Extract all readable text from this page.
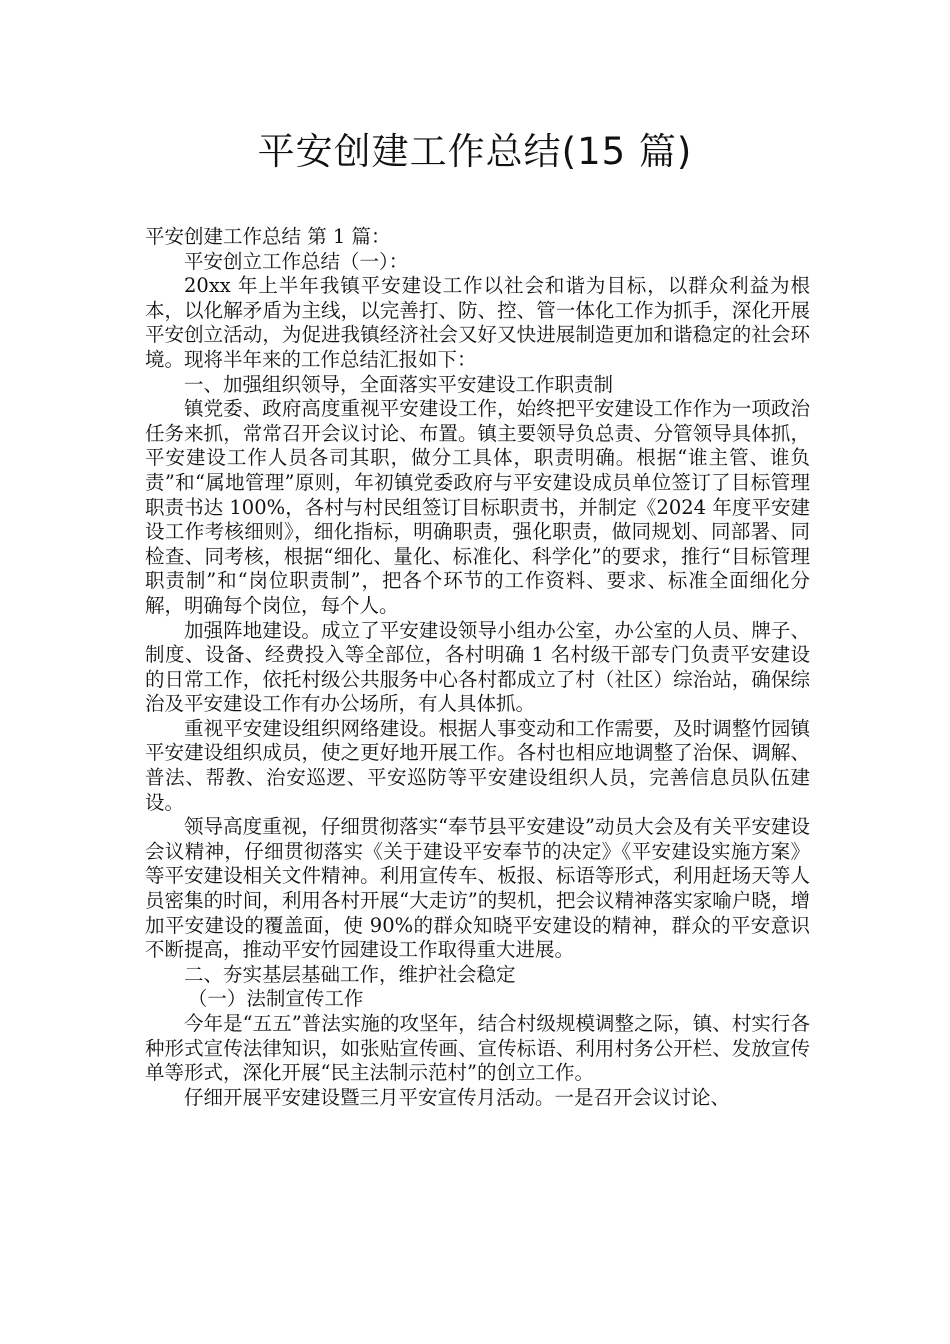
平安创建工作总结(15 篇)

平安创建工作总结 第 1 篇：

平安创立工作总结（一）：

20xx 年上半年我镇平安建设工作以社会和谐为目标，以群众利益为根本，以化解矛盾为主线，以完善打、防、控、管一体化工作为抓手，深化开展平安创立活动，为促进我镇经济社会又好又快进展制造更加和谐稳定的社会环境。现将半年来的工作总结汇报如下：

一、加强组织领导，全面落实平安建设工作职责制

镇党委、政府高度重视平安建设工作，始终把平安建设工作作为一项政治任务来抓，常常召开会议讨论、布置。镇主要领导负总责、分管领导具体抓，平安建设工作人员各司其职，做分工具体，职责明确。根据“谁主管、谁负责”和“属地管理”原则，年初镇党委政府与平安建设成员单位签订了目标管理职责书达 100%，各村与村民组签订目标职责书，并制定《2024 年度平安建设工作考核细则》，细化指标，明确职责，强化职责，做同规划、同部署、同检查、同考核，根据“细化、量化、标准化、科学化”的要求，推行“目标管理职责制”和“岗位职责制”，把各个环节的工作资料、要求、标准全面细化分解，明确每个岗位，每个人。

加强阵地建设。成立了平安建设领导小组办公室，办公室的人员、牌子、制度、设备、经费投入等全部位，各村明确 1 名村级干部专门负责平安建设的日常工作，依托村级公共服务中心各村都成立了村（社区）综治站，确保综治及平安建设工作有办公场所，有人具体抓。

重视平安建设组织网络建设。根据人事变动和工作需要，及时调整竹园镇平安建设组织成员，使之更好地开展工作。各村也相应地调整了治保、调解、普法、帮教、治安巡逻、平安巡防等平安建设组织人员，完善信息员队伍建设。

领导高度重视，仔细贯彻落实“奉节县平安建设”动员大会及有关平安建设会议精神，仔细贯彻落实《关于建设平安奉节的决定》《平安建设实施方案》等平安建设相关文件精神。利用宣传车、板报、标语等形式，利用赶场天等人员密集的时间，利用各村开展“大走访”的契机，把会议精神落实家喻户晓，增加平安建设的覆盖面，使 90%的群众知晓平安建设的精神，群众的平安意识不断提高，推动平安竹园建设工作取得重大进展。

二、夯实基层基础工作，维护社会稳定

（一）法制宣传工作

今年是“五五”普法实施的攻坚年，结合村级规模调整之际，镇、村实行各种形式宣传法律知识，如张贴宣传画、宣传标语、利用村务公开栏、发放宣传单等形式，深化开展“民主法制示范村”的创立工作。

仔细开展平安建设暨三月平安宣传月活动。一是召开会议讨论、
